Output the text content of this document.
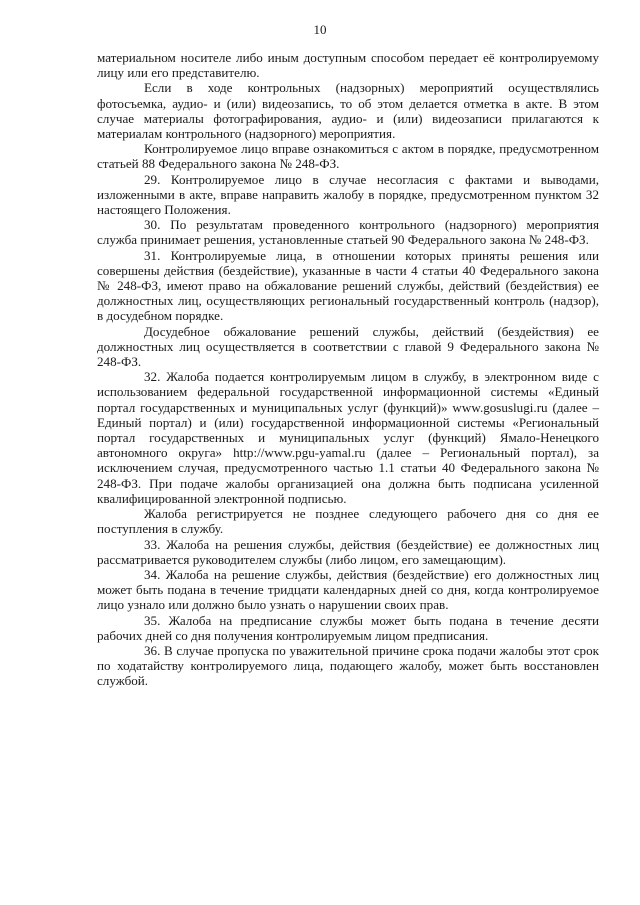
10

материальном носителе либо иным доступным способом передает её контролируемому лицу или его представителю.

Если в ходе контрольных (надзорных) мероприятий осуществлялись фотосъемка, аудио- и (или) видеозапись, то об этом делается отметка в акте. В этом случае материалы фотографирования, аудио- и (или) видеозаписи прилагаются к материалам контрольного (надзорного) мероприятия.

Контролируемое лицо вправе ознакомиться с актом в порядке, предусмотренном статьей 88 Федерального закона № 248-ФЗ.

29. Контролируемое лицо в случае несогласия с фактами и выводами, изложенными в акте, вправе направить жалобу в порядке, предусмотренном пунктом 32 настоящего Положения.

30. По результатам проведенного контрольного (надзорного) мероприятия служба принимает решения, установленные статьей 90 Федерального закона № 248-ФЗ.

31. Контролируемые лица, в отношении которых приняты решения или совершены действия (бездействие), указанные в части 4 статьи 40 Федерального закона № 248-ФЗ, имеют право на обжалование решений службы, действий (бездействия) ее должностных лиц, осуществляющих региональный государственный контроль (надзор), в досудебном порядке.

Досудебное обжалование решений службы, действий (бездействия) ее должностных лиц осуществляется в соответствии с главой 9 Федерального закона № 248-ФЗ.

32. Жалоба подается контролируемым лицом в службу, в электронном виде с использованием федеральной государственной информационной системы «Единый портал государственных и муниципальных услуг (функций)» www.gosuslugi.ru (далее – Единый портал) и (или) государственной информационной системы «Региональный портал государственных и муниципальных услуг (функций) Ямало-Ненецкого автономного округа» http://www.pgu-yamal.ru (далее – Региональный портал), за исключением случая, предусмотренного частью 1.1 статьи 40 Федерального закона № 248-ФЗ. При подаче жалобы организацией она должна быть подписана усиленной квалифицированной электронной подписью.

Жалоба регистрируется не позднее следующего рабочего дня со дня ее поступления в службу.

33. Жалоба на решения службы, действия (бездействие) ее должностных лиц рассматривается руководителем службы (либо лицом, его замещающим).

34. Жалоба на решение службы, действия (бездействие) его должностных лиц может быть подана в течение тридцати календарных дней со дня, когда контролируемое лицо узнало или должно было узнать о нарушении своих прав.

35. Жалоба на предписание службы может быть подана в течение десяти рабочих дней со дня получения контролируемым лицом предписания.

36. В случае пропуска по уважительной причине срока подачи жалобы этот срок по ходатайству контролируемого лица, подающего жалобу, может быть восстановлен службой.
